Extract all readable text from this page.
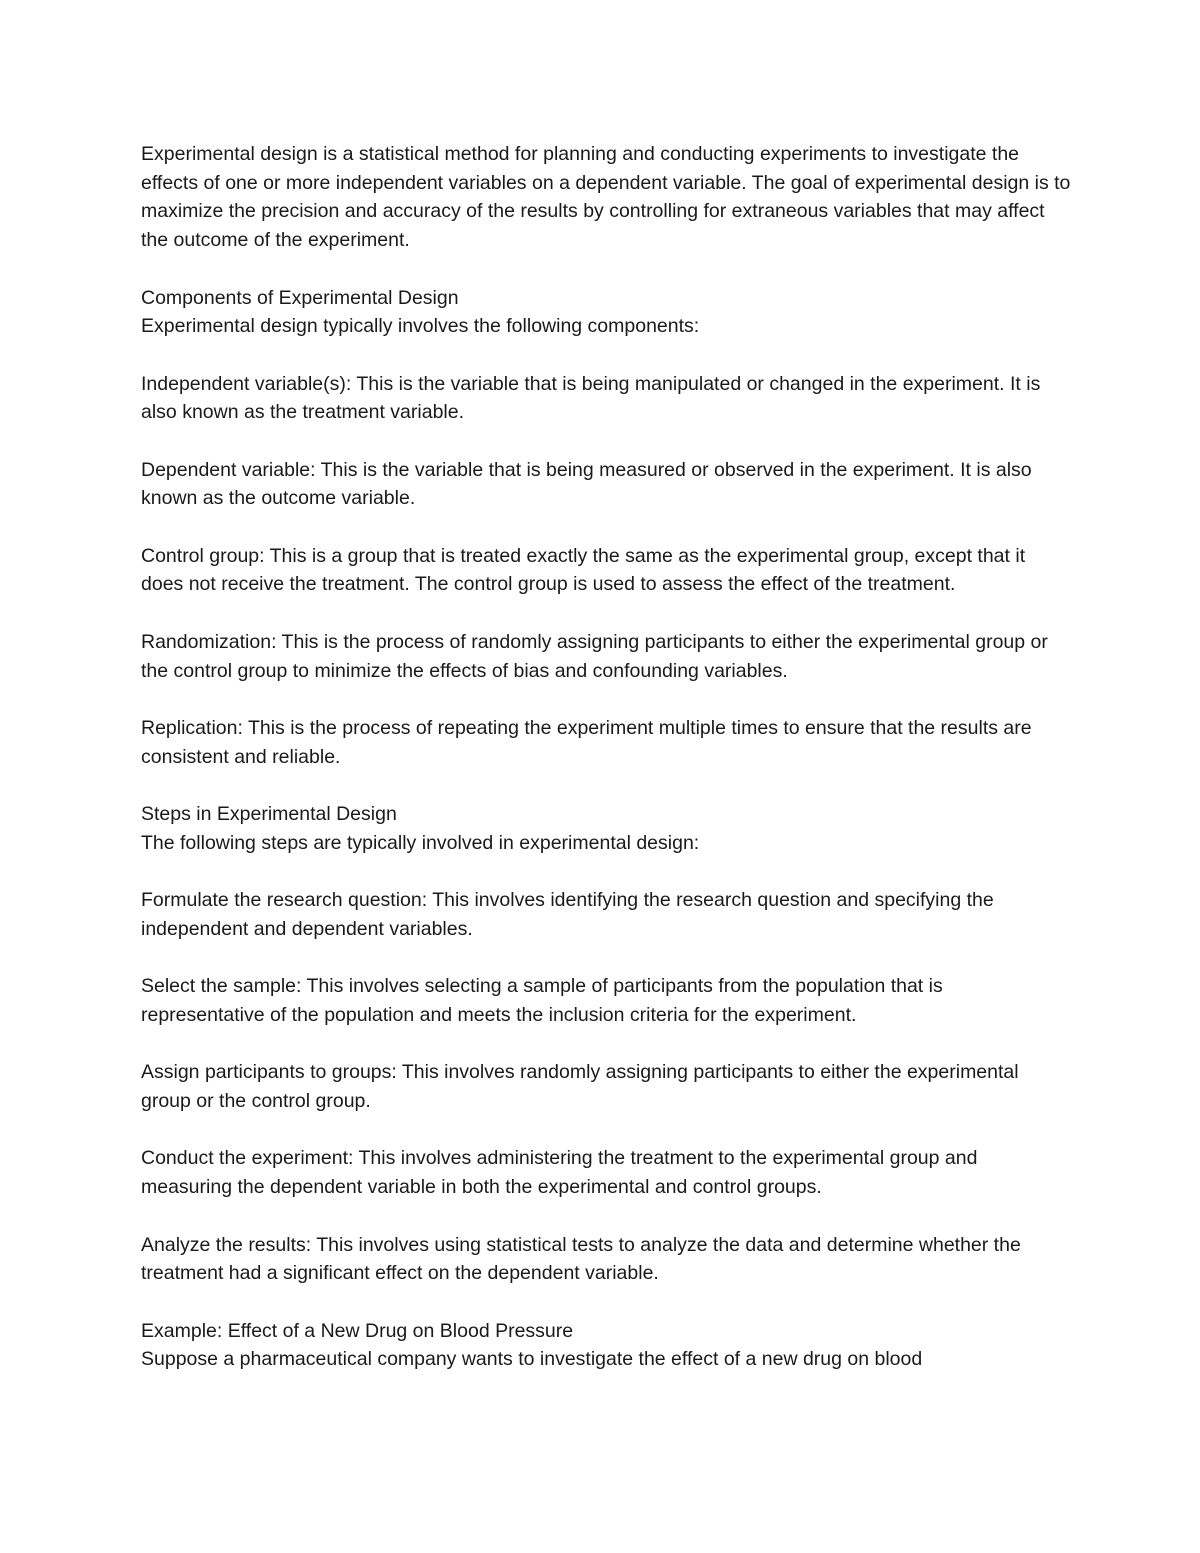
Experimental design is a statistical method for planning and conducting experiments to investigate the effects of one or more independent variables on a dependent variable. The goal of experimental design is to maximize the precision and accuracy of the results by controlling for extraneous variables that may affect the outcome of the experiment.

Components of Experimental Design
Experimental design typically involves the following components:

Independent variable(s): This is the variable that is being manipulated or changed in the experiment. It is also known as the treatment variable.

Dependent variable: This is the variable that is being measured or observed in the experiment. It is also known as the outcome variable.

Control group: This is a group that is treated exactly the same as the experimental group, except that it does not receive the treatment. The control group is used to assess the effect of the treatment.

Randomization: This is the process of randomly assigning participants to either the experimental group or the control group to minimize the effects of bias and confounding variables.

Replication: This is the process of repeating the experiment multiple times to ensure that the results are consistent and reliable.

Steps in Experimental Design
The following steps are typically involved in experimental design:

Formulate the research question: This involves identifying the research question and specifying the independent and dependent variables.

Select the sample: This involves selecting a sample of participants from the population that is representative of the population and meets the inclusion criteria for the experiment.

Assign participants to groups: This involves randomly assigning participants to either the experimental group or the control group.

Conduct the experiment: This involves administering the treatment to the experimental group and measuring the dependent variable in both the experimental and control groups.

Analyze the results: This involves using statistical tests to analyze the data and determine whether the treatment had a significant effect on the dependent variable.

Example: Effect of a New Drug on Blood Pressure
Suppose a pharmaceutical company wants to investigate the effect of a new drug on blood
